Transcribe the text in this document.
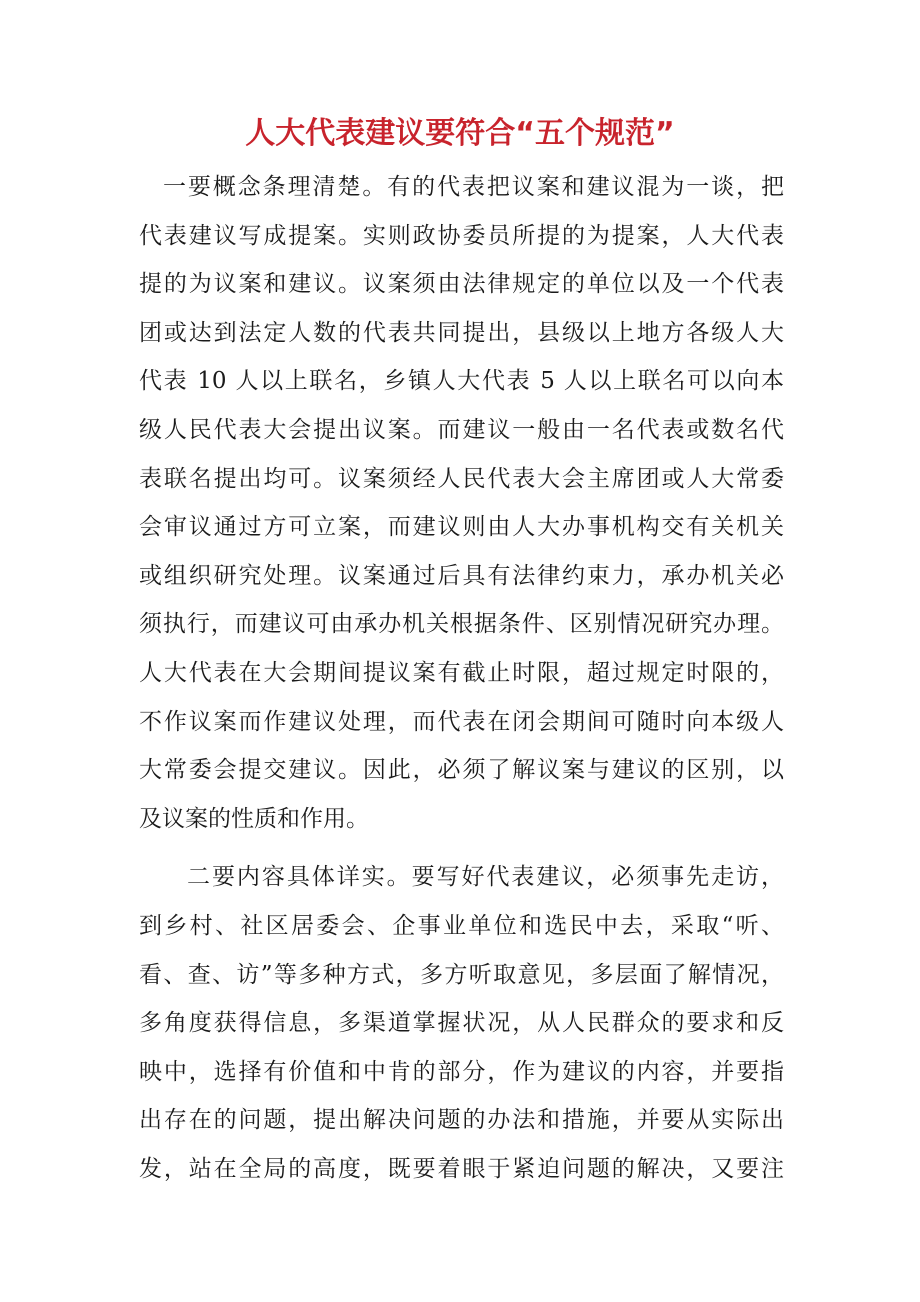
人大代表建议要符合“五个规范”
一要概念条理清楚。有的代表把议案和建议混为一谈，把
代表建议写成提案。实则政协委员所提的为提案，人大代表
提的为议案和建议。议案须由法律规定的单位以及一个代表
团或达到法定人数的代表共同提出，县级以上地方各级人大
代表 10 人以上联名，乡镇人大代表 5 人以上联名可以向本
级人民代表大会提出议案。而建议一般由一名代表或数名代
表联名提出均可。议案须经人民代表大会主席团或人大常委
会审议通过方可立案，而建议则由人大办事机构交有关机关
或组织研究处理。议案通过后具有法律约束力，承办机关必
须执行，而建议可由承办机关根据条件、区别情况研究办理。
人大代表在大会期间提议案有截止时限，超过规定时限的，
不作议案而作建议处理，而代表在闭会期间可随时向本级人
大常委会提交建议。因此，必须了解议案与建议的区别，以
及议案的性质和作用。
二要内容具体详实。要写好代表建议，必须事先走访，
到乡村、社区居委会、企事业单位和选民中去，采取“听、
看、查、访”等多种方式，多方听取意见，多层面了解情况，
多角度获得信息，多渠道掌握状况，从人民群众的要求和反
映中，选择有价值和中肯的部分，作为建议的内容，并要指
出存在的问题，提出解决问题的办法和措施，并要从实际出
发，站在全局的高度，既要着眼于紧迫问题的解决，又要注
